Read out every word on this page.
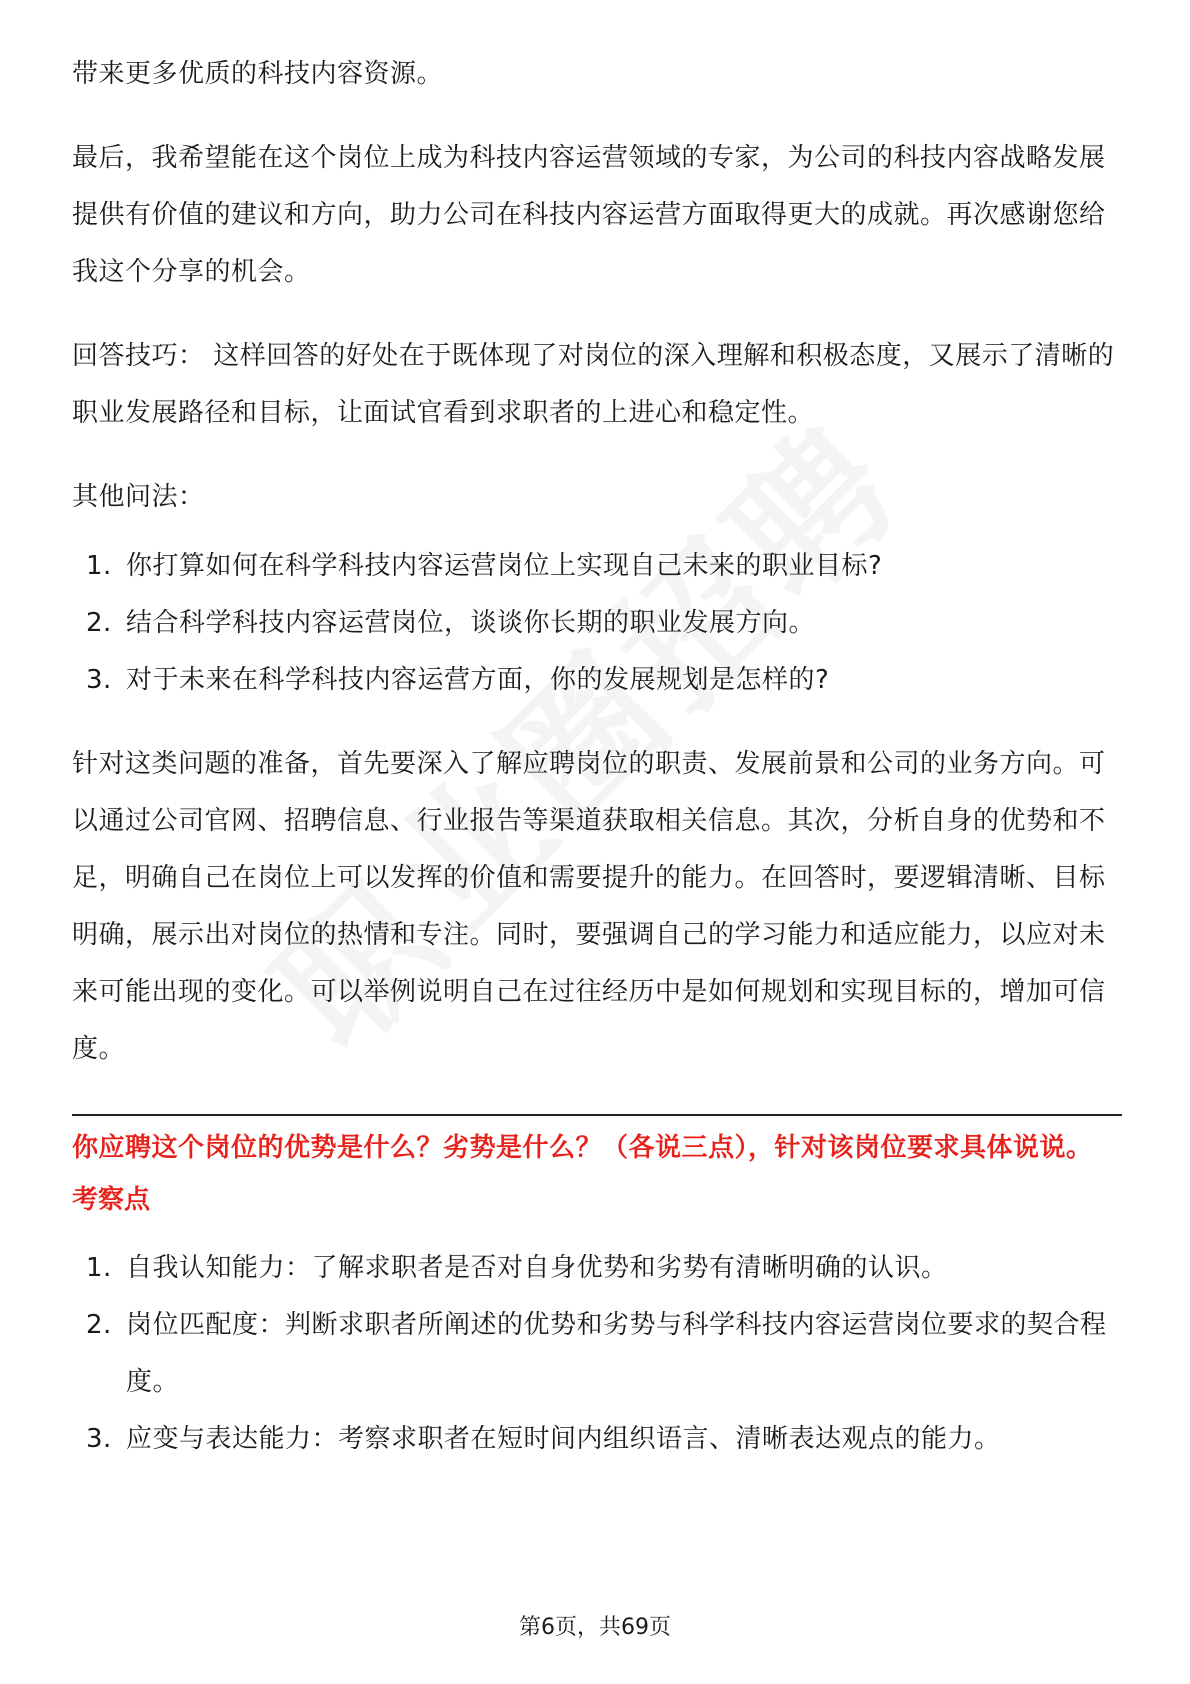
带来更多优质的科技内容资源。

最后，我希望能在这个岗位上成为科技内容运营领域的专家，为公司的科技内容战略发展提供有价值的建议和方向，助力公司在科技内容运营方面取得更大的成就。再次感谢您给我这个分享的机会。

回答技巧： 这样回答的好处在于既体现了对岗位的深入理解和积极态度，又展示了清晰的职业发展路径和目标，让面试官看到求职者的上进心和稳定性。

其他问法：

1. 你打算如何在科学科技内容运营岗位上实现自己未来的职业目标?
2. 结合科学科技内容运营岗位，谈谈你长期的职业发展方向。
3. 对于未来在科学科技内容运营方面，你的发展规划是怎样的?

针对这类问题的准备，首先要深入了解应聘岗位的职责、发展前景和公司的业务方向。可以通过公司官网、招聘信息、行业报告等渠道获取相关信息。其次，分析自身的优势和不足，明确自己在岗位上可以发挥的价值和需要提升的能力。在回答时，要逻辑清晰、目标明确，展示出对岗位的热情和专注。同时，要强调自己的学习能力和适应能力，以应对未来可能出现的变化。可以举例说明自己在过往经历中是如何规划和实现目标的，增加可信度。

你应聘这个岗位的优势是什么？劣势是什么？（各说三点），针对该岗位要求具体说说。

考察点

1. 自我认知能力：了解求职者是否对自身优势和劣势有清晰明确的认识。
2. 岗位匹配度：判断求职者所阐述的优势和劣势与科学科技内容运营岗位要求的契合程度。
3. 应变与表达能力：考察求职者在短时间内组织语言、清晰表达观点的能力。
第6页，共69页
